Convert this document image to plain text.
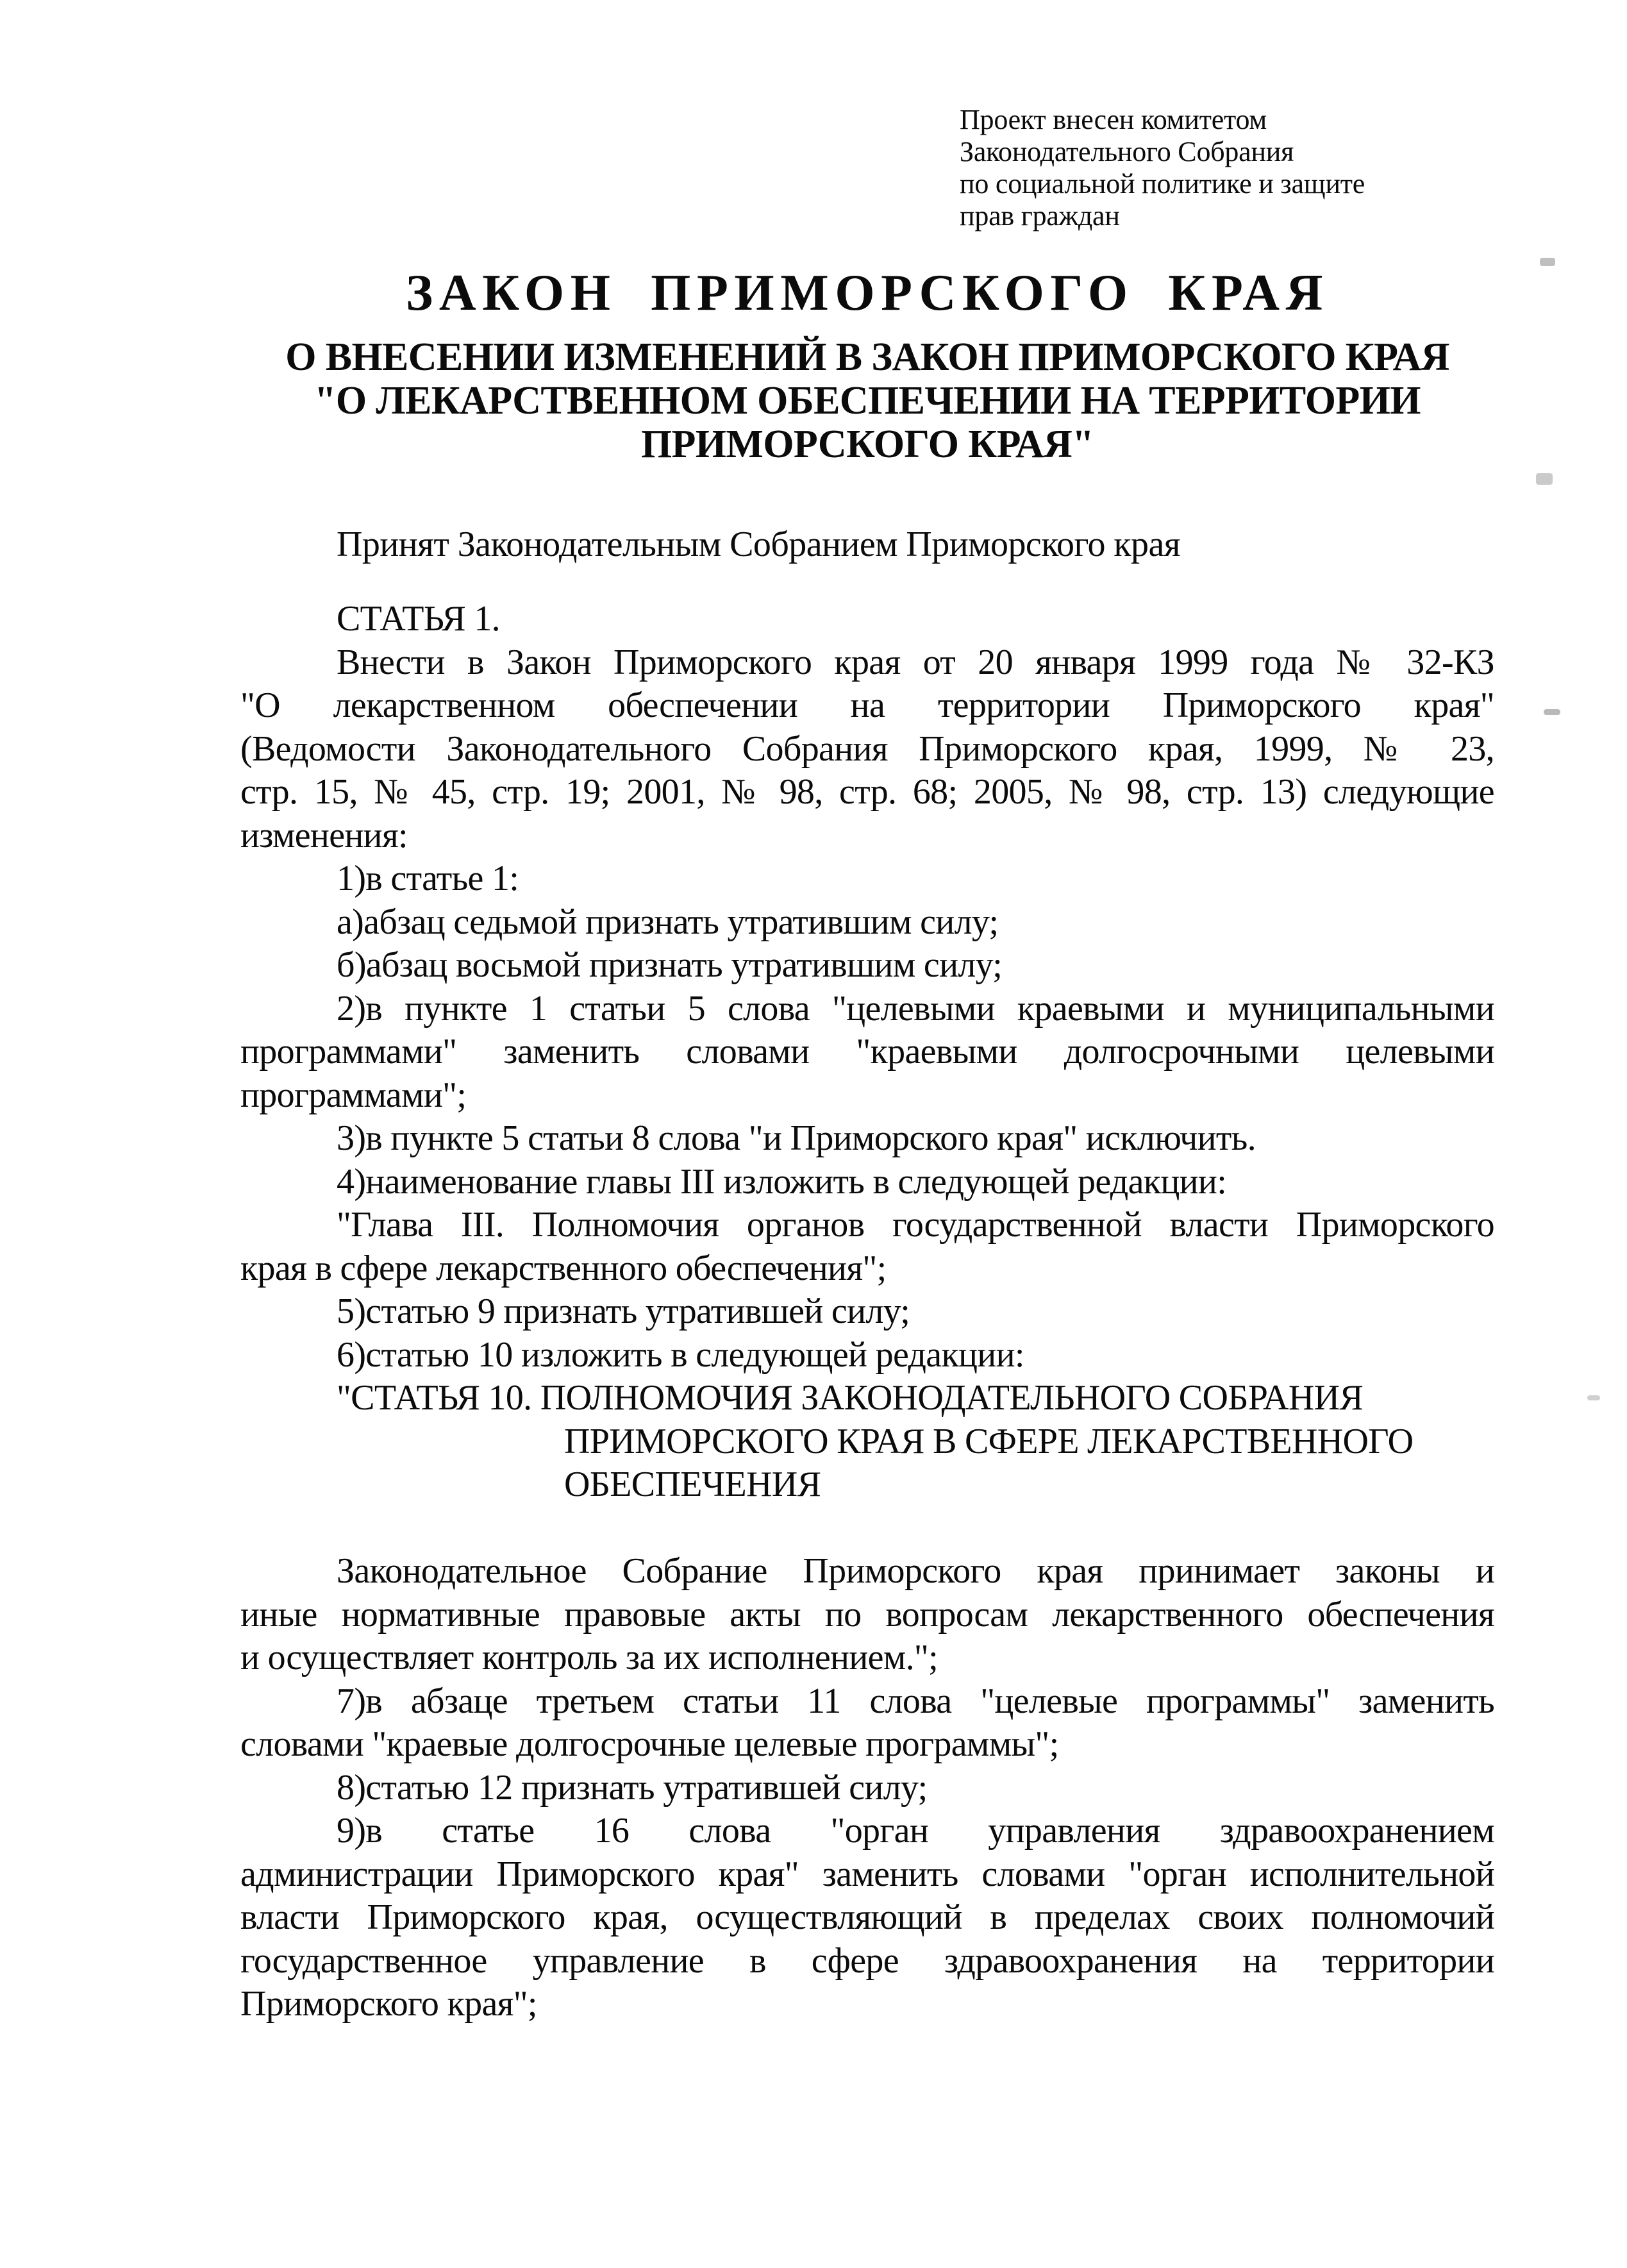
Проект внесен комитетом
Законодательного Собрания
по социальной политике и защите
прав граждан
ЗАКОН ПРИМОРСКОГО КРАЯ
О ВНЕСЕНИИ ИЗМЕНЕНИЙ В ЗАКОН ПРИМОРСКОГО КРАЯ
"О ЛЕКАРСТВЕННОМ ОБЕСПЕЧЕНИИ НА ТЕРРИТОРИИ
ПРИМОРСКОГО КРАЯ"
Принят Законодательным Собранием Приморского края
СТАТЬЯ 1.
Внести в Закон Приморского края от 20 января 1999 года № 32-КЗ
"О лекарственном обеспечении на территории Приморского края"
(Ведомости Законодательного Собрания Приморского края, 1999, № 23,
стр. 15, № 45, стр. 19; 2001, № 98, стр. 68; 2005, № 98, стр. 13) следующие
изменения:
1)в статье 1:
а)абзац седьмой признать утратившим силу;
б)абзац восьмой признать утратившим силу;
2)в пункте 1 статьи 5 слова "целевыми краевыми и муниципальными
программами" заменить словами "краевыми долгосрочными целевыми
программами";
3)в пункте 5 статьи 8 слова "и Приморского края" исключить.
4)наименование главы III изложить в следующей редакции:
"Глава III. Полномочия органов государственной власти Приморского
края в сфере лекарственного обеспечения";
5)статью 9 признать утратившей силу;
6)статью 10 изложить в следующей редакции:
"СТАТЬЯ 10. ПОЛНОМОЧИЯ ЗАКОНОДАТЕЛЬНОГО СОБРАНИЯ
ПРИМОРСКОГО КРАЯ В СФЕРЕ ЛЕКАРСТВЕННОГО
ОБЕСПЕЧЕНИЯ
Законодательное Собрание Приморского края принимает законы и
иные нормативные правовые акты по вопросам лекарственного обеспечения
и осуществляет контроль за их исполнением.";
7)в абзаце третьем статьи 11 слова "целевые программы" заменить
словами "краевые долгосрочные целевые программы";
8)статью 12 признать утратившей силу;
9)в статье 16 слова "орган управления здравоохранением
администрации Приморского края" заменить словами "орган исполнительной
власти Приморского края, осуществляющий в пределах своих полномочий
государственное управление в сфере здравоохранения на территории
Приморского края";
